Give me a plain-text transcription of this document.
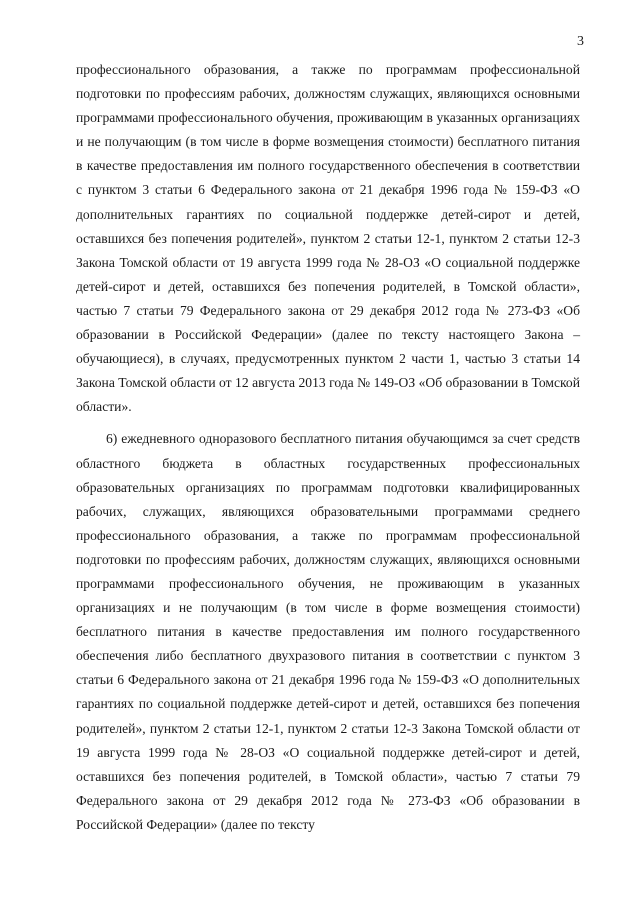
3

профессионального образования, а также по программам профессиональной подготовки по профессиям рабочих, должностям служащих, являющихся основными программами профессионального обучения, проживающим в указанных организациях и не получающим (в том числе в форме возмещения стоимости) бесплатного питания в качестве предоставления им полного государственного обеспечения в соответствии с пунктом 3 статьи 6 Федерального закона от 21 декабря 1996 года № 159-ФЗ «О дополнительных гарантиях по социальной поддержке детей-сирот и детей, оставшихся без попечения родителей», пунктом 2 статьи 12-1, пунктом 2 статьи 12-3 Закона Томской области от 19 августа 1999 года № 28-ОЗ «О социальной поддержке детей-сирот и детей, оставшихся без попечения родителей, в Томской области», частью 7 статьи 79 Федерального закона от 29 декабря 2012 года № 273-ФЗ «Об образовании в Российской Федерации» (далее по тексту настоящего Закона – обучающиеся), в случаях, предусмотренных пунктом 2 части 1, частью 3 статьи 14 Закона Томской области от 12 августа 2013 года № 149-ОЗ «Об образовании в Томской области».

6) ежедневного одноразового бесплатного питания обучающимся за счет средств областного бюджета в областных государственных профессиональных образовательных организациях по программам подготовки квалифицированных рабочих, служащих, являющихся образовательными программами среднего профессионального образования, а также по программам профессиональной подготовки по профессиям рабочих, должностям служащих, являющихся основными программами профессионального обучения, не проживающим в указанных организациях и не получающим (в том числе в форме возмещения стоимости) бесплатного питания в качестве предоставления им полного государственного обеспечения либо бесплатного двухразового питания в соответствии с пунктом 3 статьи 6 Федерального закона от 21 декабря 1996 года № 159-ФЗ «О дополнительных гарантиях по социальной поддержке детей-сирот и детей, оставшихся без попечения родителей», пунктом 2 статьи 12-1, пунктом 2 статьи 12-3 Закона Томской области от 19 августа 1999 года № 28-ОЗ «О социальной поддержке детей-сирот и детей, оставшихся без попечения родителей, в Томской области», частью 7 статьи 79 Федерального закона от 29 декабря 2012 года № 273-ФЗ «Об образовании в Российской Федерации» (далее по тексту
